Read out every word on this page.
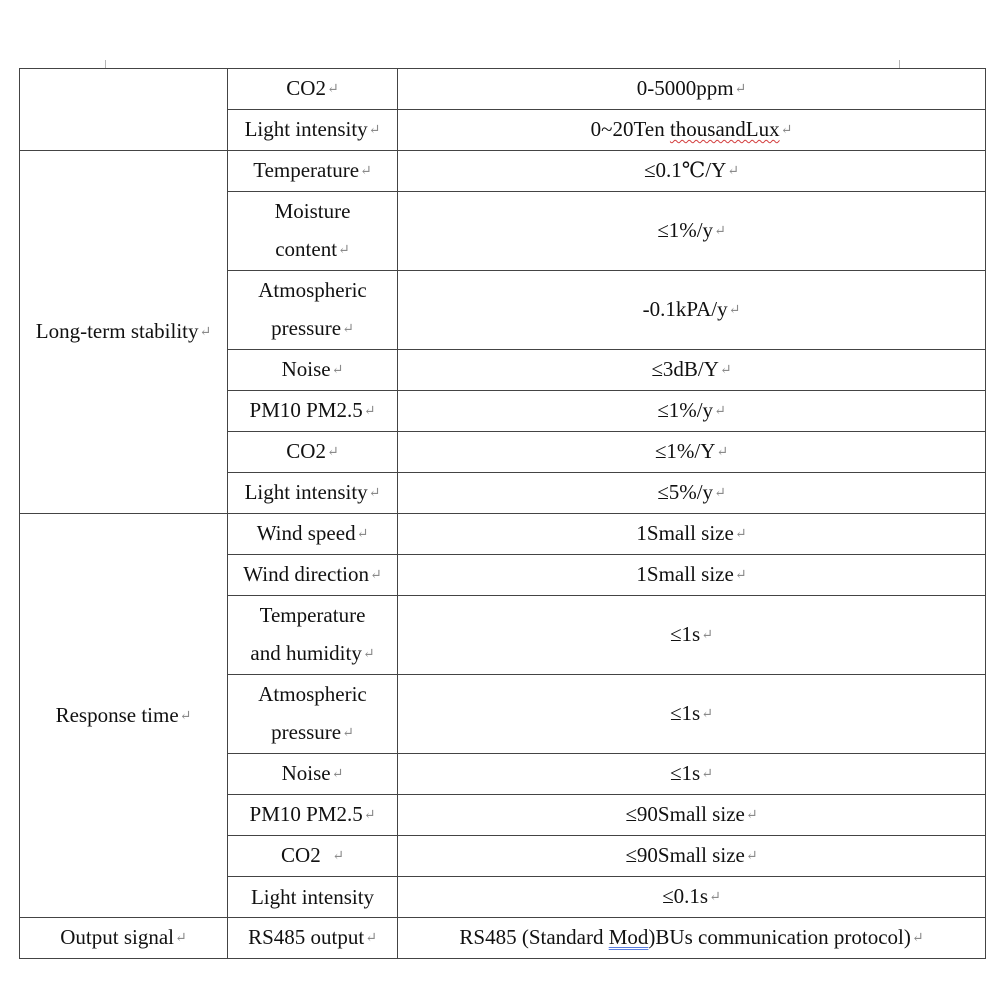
	CO2↵	0-5000ppm↵
	Light intensity↵	0~20Ten thousandLux↵
Long-term stability↵	Temperature↵	≤0.1℃/Y↵
	Moisture
content↵	≤1%/y↵
	Atmospheric
pressure↵	-0.1kPA/y↵
	Noise↵	≤3dB/Y↵
	PM10 PM2.5↵	≤1%/y↵
	CO2↵	≤1%/Y↵
	Light intensity↵	≤5%/y↵
Response time↵	Wind speed↵	1Small size↵
	Wind direction↵	1Small size↵
	Temperature
and humidity↵	≤1s↵
	Atmospheric
pressure↵	≤1s↵
	Noise↵	≤1s↵
	PM10 PM2.5↵	≤90Small size↵
	CO2 ↵	≤90Small size↵
	Light intensity	≤0.1s↵
Output signal↵	RS485 output↵	RS485 (Standard Mod)BUs communication protocol)↵
